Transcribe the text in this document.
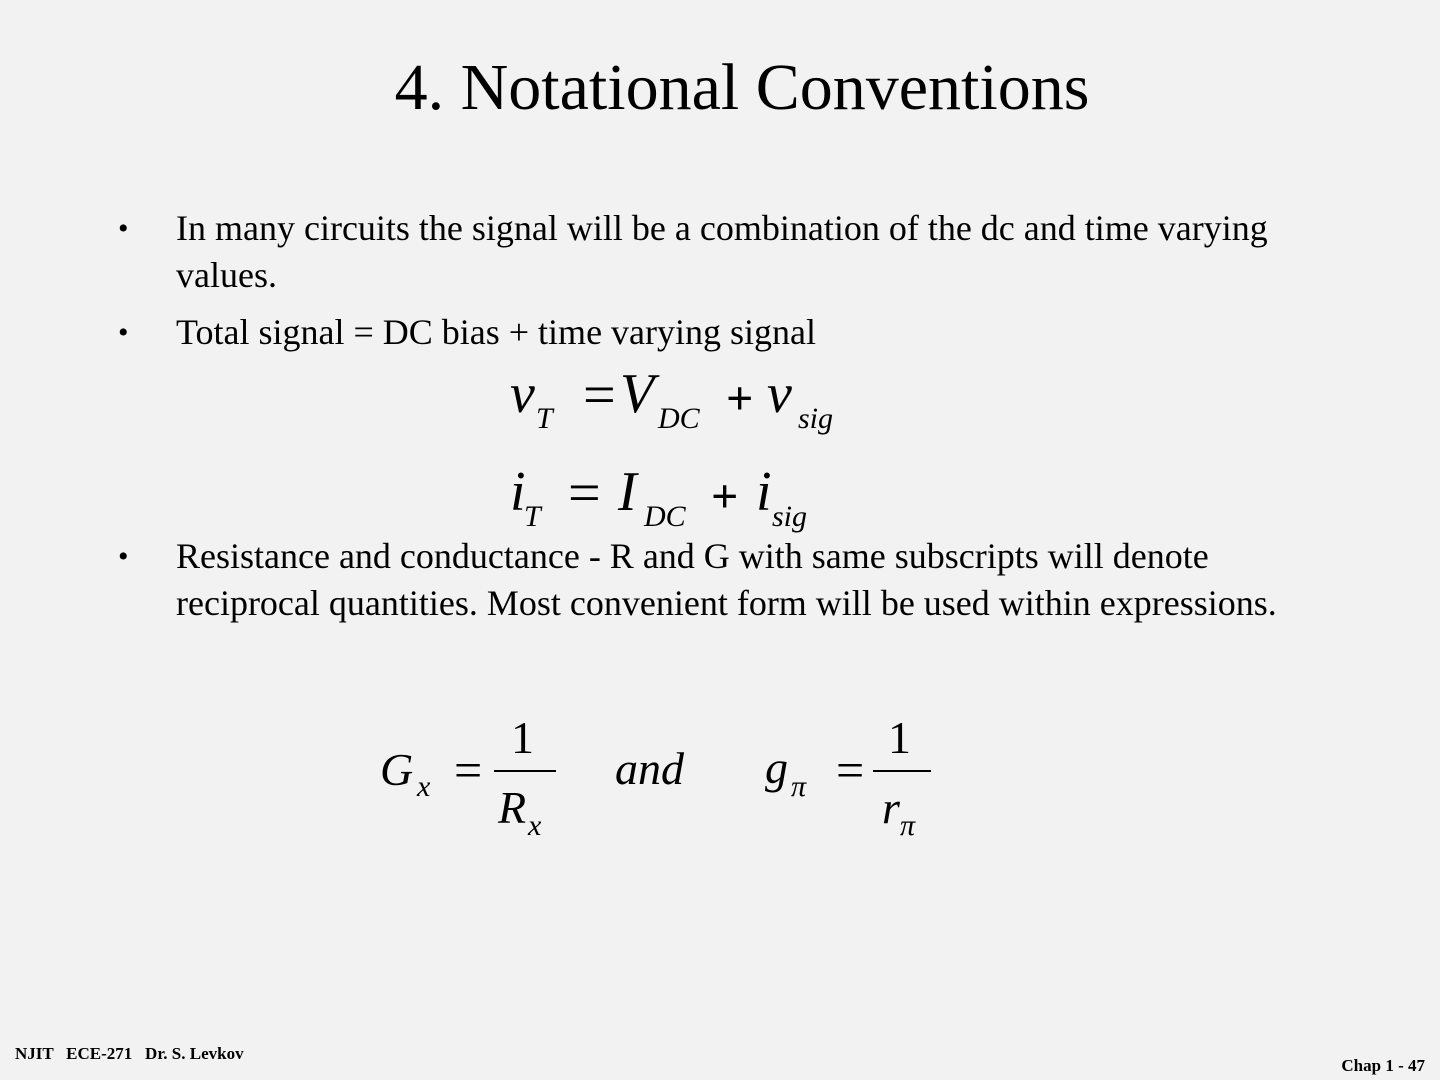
4. Notational Conventions
• In many circuits the signal will be a combination of the dc and time varying values.
• Total signal = DC bias + time varying signal
v T = V DC + v sig
i
T = I DC + i sig
• Resistance and conductance - R and G with same subscripts will denote reciprocal quantities. Most convenient form will be used within expressions.
G x =
1
R x
and g π =
1
r π
NJIT   ECE-271   Dr. S. Levkov
Chap 1 - 47
